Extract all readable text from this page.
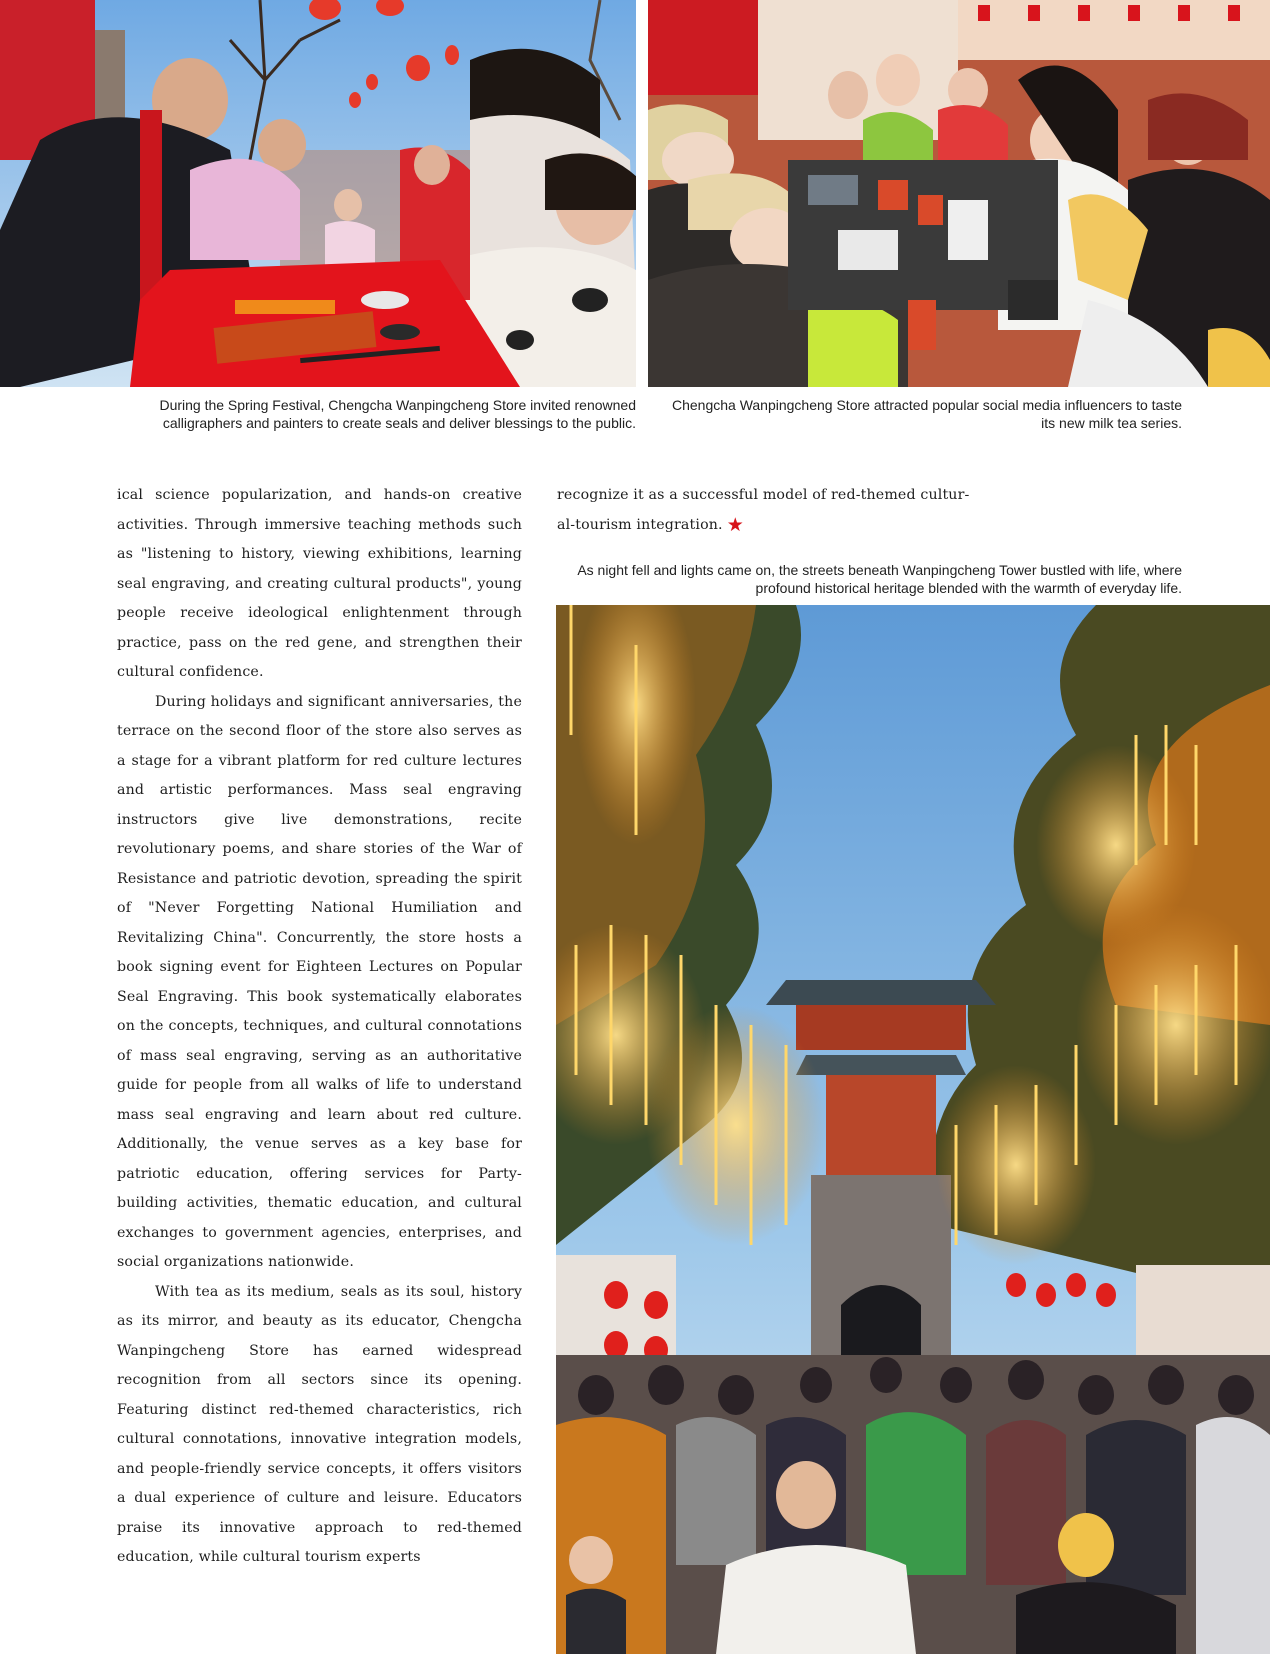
During the Spring Festival, Chengcha Wanpingcheng Store invited renowned calligraphers and painters to create seals and deliver blessings to the public.

Chengcha Wanpingcheng Store attracted popular social media influencers to taste its new milk tea series.

ical science popularization, and hands-on creative activities. Through immersive teaching methods such as "listening to history, viewing exhibitions, learning seal engraving, and creating cultural products", young people receive ideological enlightenment through practice, pass on the red gene, and strengthen their cultural confidence.

During holidays and significant anniversaries, the terrace on the second floor of the store also serves as a stage for a vibrant platform for red culture lectures and artistic performances. Mass seal engraving instructors give live demonstrations, recite revolutionary poems, and share stories of the War of Resistance and patriotic devotion, spreading the spirit of "Never Forgetting National Humiliation and Revitalizing China". Concurrently, the store hosts a book signing event for Eighteen Lectures on Popular Seal Engraving. This book systematically elaborates on the concepts, techniques, and cultural connotations of mass seal engraving, serving as an authoritative guide for people from all walks of life to understand mass seal engraving and learn about red culture. Additionally, the venue serves as a key base for patriotic education, offering services for Party-building activities, thematic education, and cultural exchanges to government agencies, enterprises, and social organizations nationwide.

With tea as its medium, seals as its soul, history as its mirror, and beauty as its educator, Chengcha Wanpingcheng Store has earned widespread recognition from all sectors since its opening. Featuring distinct red-themed characteristics, rich cultural connotations, innovative integration models, and people-friendly service concepts, it offers visitors a dual experience of culture and leisure. Educators praise its innovative approach to red-themed education, while cultural tourism experts

recognize it as a successful model of red-themed cultur-

al-tourism integration. ★

As night fell and lights came on, the streets beneath Wanpingcheng Tower bustled with life, where profound historical heritage blended with the warmth of everyday life.
